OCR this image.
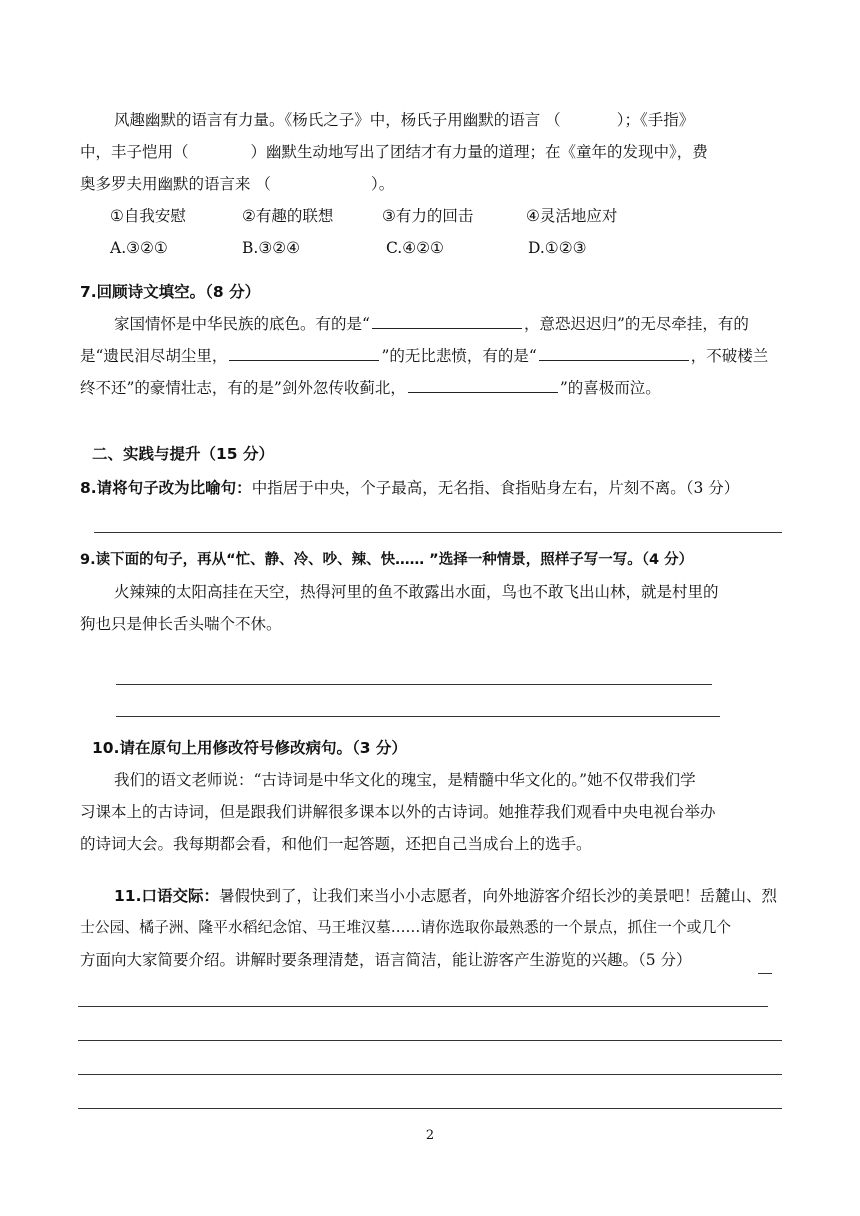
风趣幽默的语言有力量。《杨氏之子》中，杨氏子用幽默的语言 （	）；《手指》
中，丰子恺用（	）幽默生动地写出了团结才有力量的道理；在《童年的发现中》，费
奥多罗夫用幽默的语言来 （	）。
①自我安慰	②有趣的联想	③有力的回击	④灵活地应对
A.③②①	B.③②④	C.④②①	D.①②③
7.回顾诗文填空。（8 分）
家国情怀是中华民族的底色。有的是“	，意恐迟迟归”的无尽牵挂，有的
是“遗民泪尽胡尘里，	”的无比悲愤，有的是“	，不破楼兰
终不还”的豪情壮志，有的是”剑外忽传收蓟北，	”的喜极而泣。
二、实践与提升（15 分）
8.请将句子改为比喻句：中指居于中央，个子最高，无名指、食指贴身左右，片刻不离。（3 分）
9.读下面的句子，再从“忙、静、冷、吵、辣、快…… ”选择一种情景，照样子写一写。（4 分）
火辣辣的太阳高挂在天空，热得河里的鱼不敢露出水面，鸟也不敢飞出山林，就是村里的
狗也只是伸长舌头喘个不休。
10.请在原句上用修改符号修改病句。（3 分）
我们的语文老师说：“古诗词是中华文化的瑰宝，是精髓中华文化的。”她不仅带我们学
习课本上的古诗词，但是跟我们讲解很多课本以外的古诗词。她推荐我们观看中央电视台举办
的诗词大会。我每期都会看，和他们一起答题，还把自己当成台上的选手。
11.口语交际：暑假快到了，让我们来当小小志愿者，向外地游客介绍长沙的美景吧！岳麓山、烈
士公园、橘子洲、隆平水稻纪念馆、马王堆汉墓……请你选取你最熟悉的一个景点，抓住一个或几个
方面向大家简要介绍。讲解时要条理清楚，语言简洁，能让游客产生游览的兴趣。（5 分）
2
